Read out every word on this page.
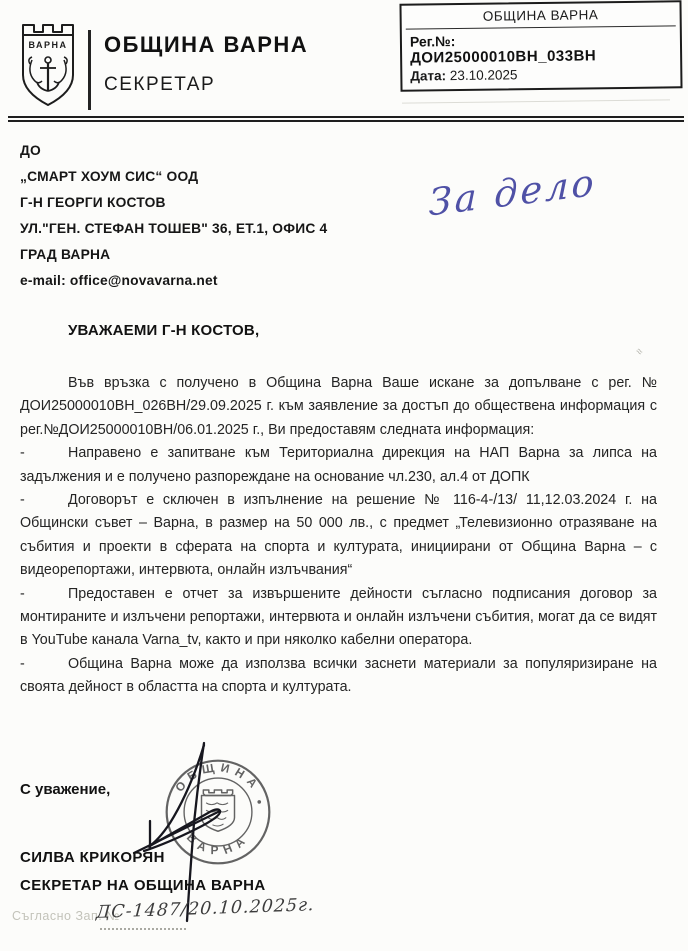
ВАРНА ОБЩИНА ВАРНА
СЕКРЕТАР
ОБЩИНА ВАРНА
Рег.№:
ДОИ25000010ВН_033ВН
Дата: 23.10.2025
ДО
„СМАРТ ХОУМ СИС“ ООД
Г-Н ГЕОРГИ КОСТОВ
УЛ."ГЕН. СТЕФАН ТОШЕВ" 36, ЕТ.1, ОФИС 4
ГРАД ВАРНА
e-mail: office@novavarna.net
За дело
≈
УВАЖАЕМИ Г-Н КОСТОВ,

Във връзка с получено в Община Варна Ваше искане за допълване с рег. № ДОИ25000010ВН_026ВН/29.09.2025 г. към заявление за достъп до обществена информация с рег.№ДОИ25000010ВН/06.01.2025 г., Ви предоставям следната информация:

-	Направено е запитване към Териториална дирекция на НАП Варна за липса на задължения и е получено разпореждане на основание чл.230, ал.4 от ДОПК

-	Договорът е сключен в изпълнение на решение № 116-4-/13/ 11,12.03.2024 г. на Общински съвет – Варна, в размер на 50 000 лв., с предмет „Телевизионно отразяване на събития и проекти в сферата на спорта и културата, инициирани от Община Варна – с видеорепортажи, интервюта, онлайн излъчвания“

-	Предоставен е отчет за извършените дейности съгласно подписания договор за монтираните и излъчени репортажи, интервюта и онлайн излъчени събития, могат да се видят в YouTube канала Varna_tv, както и при няколко кабелни оператора.

-	Община Варна може да използва всички заснети материали за популяризиране на своята дейност в областта на спорта и културата.

С уважение,	ОБЩИНА
ВАРНА
СИЛВА КРИКОРЯН
СЕКРЕТАР НА ОБЩИНА ВАРНА
Съгласно Зап. №
ДС-1487/20.10.2025г.
